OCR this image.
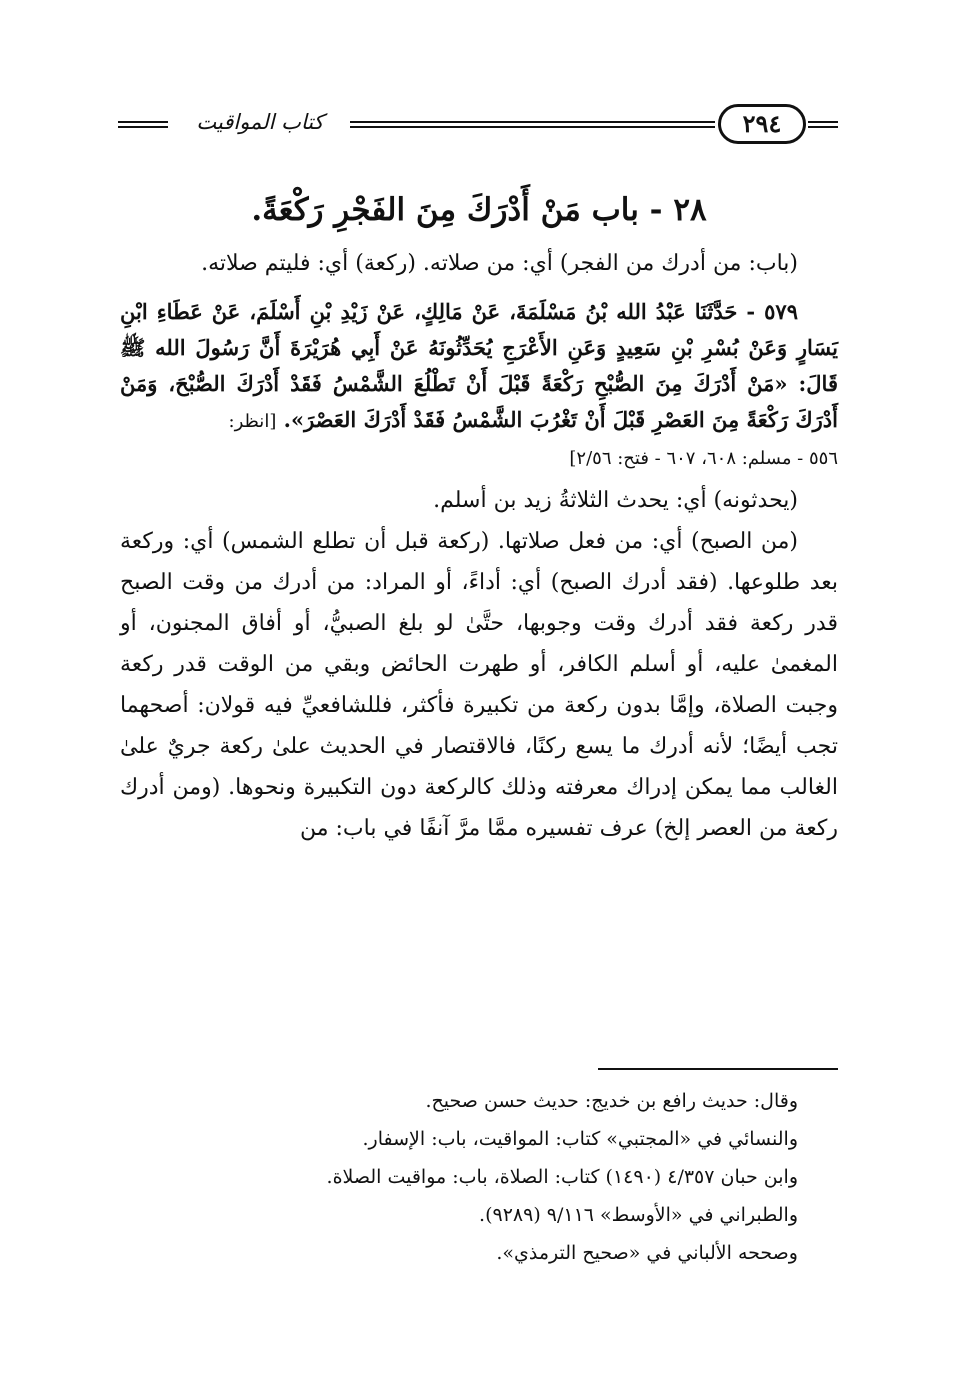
كتاب المواقيت	٢٩٤
٢٨ - باب مَنْ أَدْرَكَ مِنَ الفَجْرِ رَكْعَةً.

(باب: من أدرك من الفجر) أي: من صلاته. (ركعة) أي: فليتم صلاته.

٥٧٩ - حَدَّثَنَا عَبْدُ الله بْنُ مَسْلَمَةَ، عَنْ مَالِكٍ، عَنْ زَيْدِ بْنِ أَسْلَمَ، عَنْ عَطَاءِ ابْنِ يَسَارٍ وَعَنْ بُسْرِ بْنِ سَعِيدٍ وَعَنِ الأَعْرَجِ يُحَدِّثُونَهُ عَنْ أَبِي هُرَيْرَةَ أَنَّ رَسُولَ الله ﷺ قَالَ: «مَنْ أَدْرَكَ مِنَ الصُّبْحِ رَكْعَةً قَبْلَ أَنْ تَطْلُعَ الشَّمْسُ فَقَدْ أَدْرَكَ الصُّبْحَ، وَمَنْ أَدْرَكَ رَكْعَةً مِنَ العَصْرِ قَبْلَ أَنْ تَغْرُبَ الشَّمْسُ فَقَدْ أَدْرَكَ العَصْرَ». [انظر:

٥٥٦ - مسلم: ٦٠٨، ٦٠٧ - فتح: ٢/٥٦]

(يحدثونه) أي: يحدث الثلاثةُ زيد بن أسلم.

(من الصبح) أي: من فعل صلاتها. (ركعة قبل أن تطلع الشمس) أي: وركعة بعد طلوعها. (فقد أدرك الصبح) أي: أداءً، أو المراد: من أدرك من وقت الصبح قدر ركعة فقد أدرك وقت وجوبها، حتَّىٰ لو بلغ الصبيُّ، أو أفاق المجنون، أو المغمىٰ عليه، أو أسلم الكافر، أو طهرت الحائض وبقي من الوقت قدر ركعة وجبت الصلاة، وإمَّا بدون ركعة من تكبيرة فأكثر، فللشافعيِّ فيه قولان: أصحهما تجب أيضًا؛ لأنه أدرك ما يسع ركنًا، فالاقتصار في الحديث علىٰ ركعة جريٌ علىٰ الغالب مما يمكن إدراك معرفته وذلك كالركعة دون التكبيرة ونحوها. (ومن أدرك ركعة من العصر إلخ) عرف تفسيره ممَّا مرَّ آنفًا في باب: من

وقال: حديث رافع بن خديج: حديث حسن صحيح.

والنسائي في «المجتبي» كتاب: المواقيت، باب: الإسفار.

وابن حبان ٤/٣٥٧ (١٤٩٠) كتاب: الصلاة، باب: مواقيت الصلاة.

والطبراني في «الأوسط» ٩/١١٦ (٩٢٨٩).

وصححه الألباني في «صحيح الترمذي».
